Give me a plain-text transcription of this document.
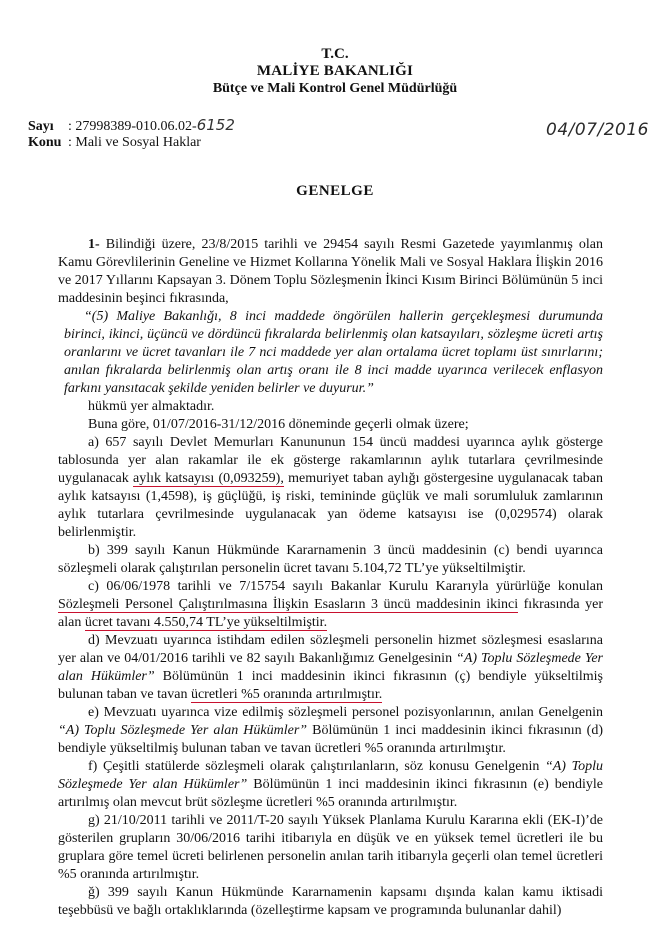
T.C.
MALİYE BAKANLIĞI
Bütçe ve Mali Kontrol Genel Müdürlüğü
Sayı : 27998389-010.06.02-6152
Konu : Mali ve Sosyal Haklar
04/07/2016
GENELGE

1- Bilindiği üzere, 23/8/2015 tarihli ve 29454 sayılı Resmi Gazetede yayımlanmış olan Kamu Görevlilerinin Geneline ve Hizmet Kollarına Yönelik Mali ve Sosyal Haklara İlişkin 2016 ve 2017 Yıllarını Kapsayan 3. Dönem Toplu Sözleşmenin İkinci Kısım Birinci Bölümünün 5 inci maddesinin beşinci fıkrasında,

“(5) Maliye Bakanlığı, 8 inci maddede öngörülen hallerin gerçekleşmesi durumunda birinci, ikinci, üçüncü ve dördüncü fıkralarda belirlenmiş olan katsayıları, sözleşme ücreti artış oranlarını ve ücret tavanları ile 7 nci maddede yer alan ortalama ücret toplamı üst sınırlarını; anılan fıkralarda belirlenmiş olan artış oranı ile 8 inci madde uyarınca verilecek enflasyon farkını yansıtacak şekilde yeniden belirler ve duyurur.”

hükmü yer almaktadır.

Buna göre, 01/07/2016-31/12/2016 döneminde geçerli olmak üzere;

a) 657 sayılı Devlet Memurları Kanununun 154 üncü maddesi uyarınca aylık gösterge tablosunda yer alan rakamlar ile ek gösterge rakamlarının aylık tutarlara çevrilmesinde uygulanacak aylık katsayısı (0,093259), memuriyet taban aylığı göstergesine uygulanacak taban aylık katsayısı (1,4598), iş güçlüğü, iş riski, temininde güçlük ve mali sorumluluk zamlarının aylık tutarlara çevrilmesinde uygulanacak yan ödeme katsayısı ise (0,029574) olarak belirlenmiştir.

b) 399 sayılı Kanun Hükmünde Kararnamenin 3 üncü maddesinin (c) bendi uyarınca sözleşmeli olarak çalıştırılan personelin ücret tavanı 5.104,72 TL’ye yükseltilmiştir.

c) 06/06/1978 tarihli ve 7/15754 sayılı Bakanlar Kurulu Kararıyla yürürlüğe konulan Sözleşmeli Personel Çalıştırılmasına İlişkin Esasların 3 üncü maddesinin ikinci fıkrasında yer alan ücret tavanı 4.550,74 TL’ye yükseltilmiştir.

d) Mevzuatı uyarınca istihdam edilen sözleşmeli personelin hizmet sözleşmesi esaslarına yer alan ve 04/01/2016 tarihli ve 82 sayılı Bakanlığımız Genelgesinin “A) Toplu Sözleşmede Yer alan Hükümler” Bölümünün 1 inci maddesinin ikinci fıkrasının (ç) bendiyle yükseltilmiş bulunan taban ve tavan ücretleri %5 oranında artırılmıştır.

e) Mevzuatı uyarınca vize edilmiş sözleşmeli personel pozisyonlarının, anılan Genelgenin “A) Toplu Sözleşmede Yer alan Hükümler” Bölümünün 1 inci maddesinin ikinci fıkrasının (d) bendiyle yükseltilmiş bulunan taban ve tavan ücretleri %5 oranında artırılmıştır.

f) Çeşitli statülerde sözleşmeli olarak çalıştırılanların, söz konusu Genelgenin “A) Toplu Sözleşmede Yer alan Hükümler” Bölümünün 1 inci maddesinin ikinci fıkrasının (e) bendiyle artırılmış olan mevcut brüt sözleşme ücretleri %5 oranında artırılmıştır.

g) 21/10/2011 tarihli ve 2011/T-20 sayılı Yüksek Planlama Kurulu Kararına ekli (EK-I)’de gösterilen grupların 30/06/2016 tarihi itibarıyla en düşük ve en yüksek temel ücretleri ile bu gruplara göre temel ücreti belirlenen personelin anılan tarih itibarıyla geçerli olan temel ücretleri %5 oranında artırılmıştır.

ğ) 399 sayılı Kanun Hükmünde Kararnamenin kapsamı dışında kalan kamu iktisadi teşebbüsü ve bağlı ortaklıklarında (özelleştirme kapsam ve programında bulunanlar dahil)
